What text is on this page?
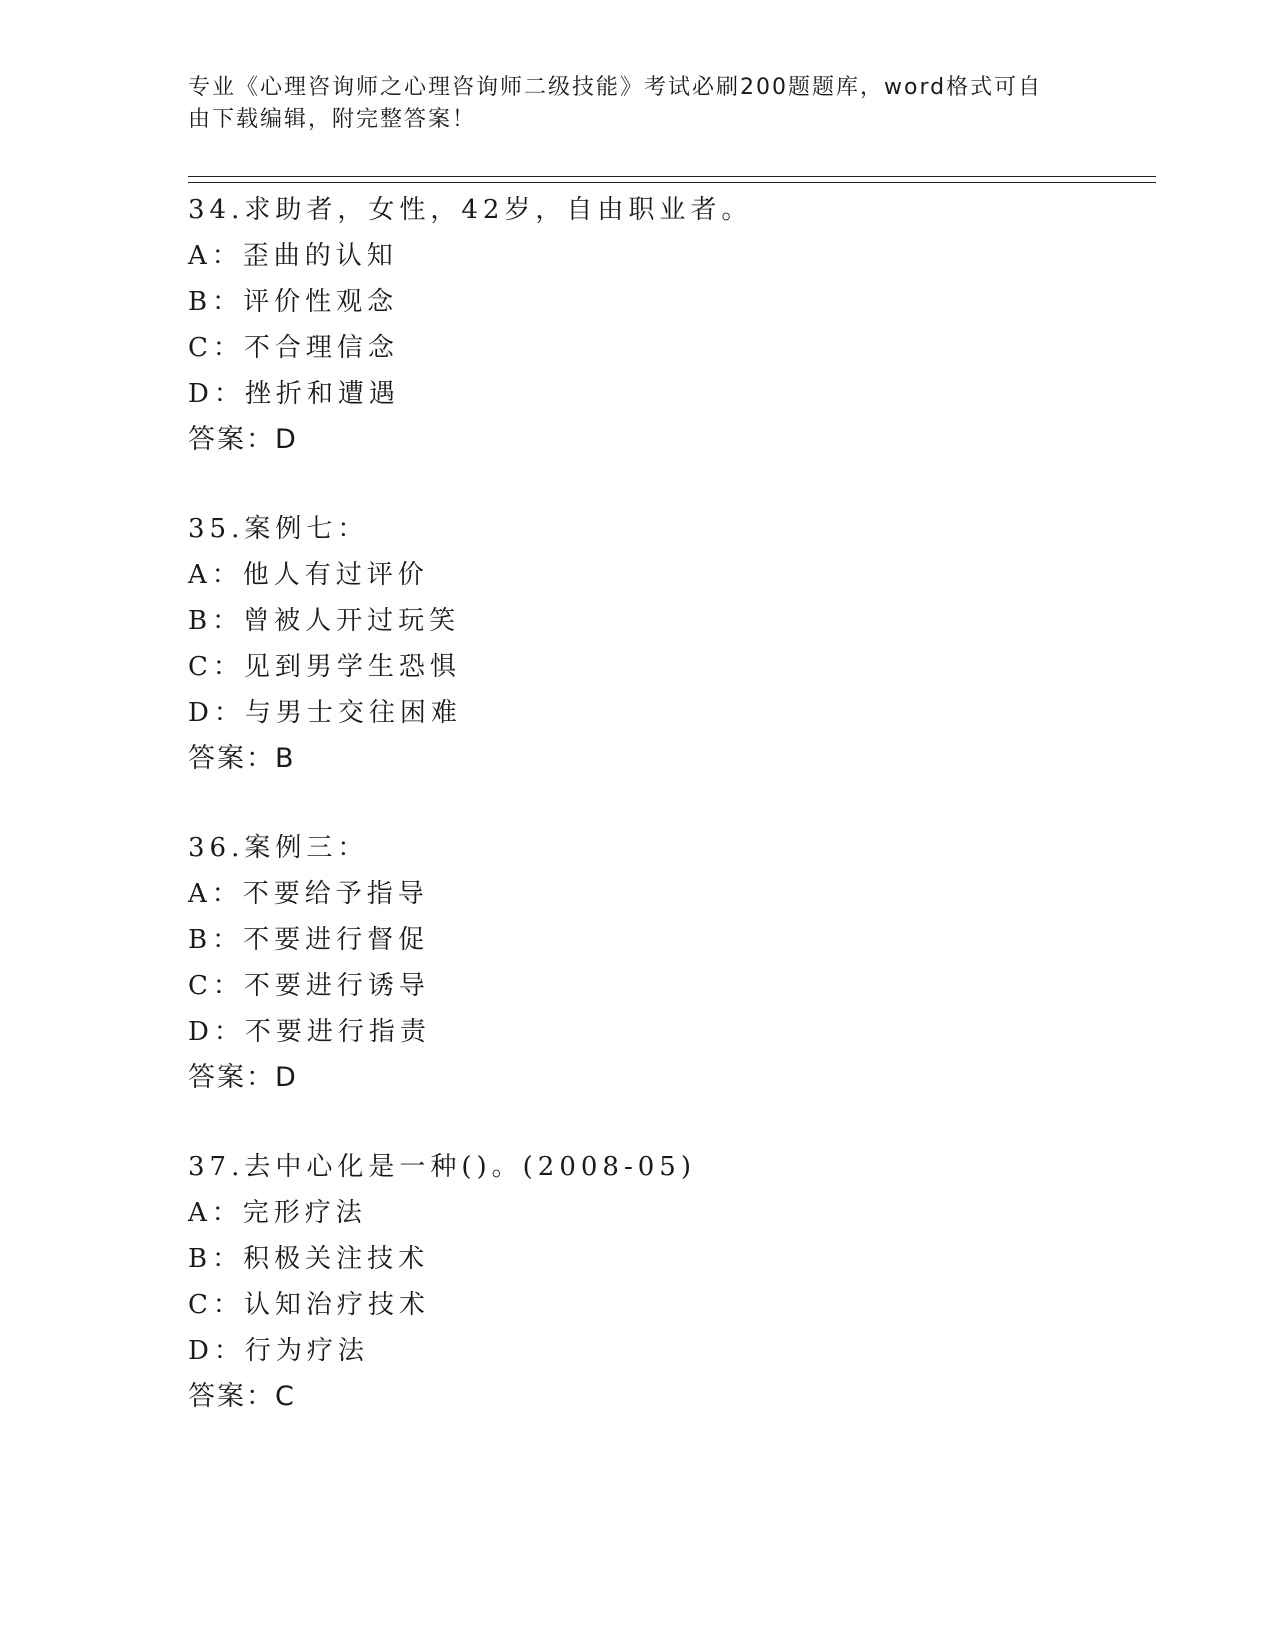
专业《心理咨询师之心理咨询师二级技能》考试必刷200题题库，word格式可自
由下载编辑，附完整答案！
34.求助者，女性，42岁，自由职业者。
A：歪曲的认知
B：评价性观念
C：不合理信念
D：挫折和遭遇
答案：D
35.案例七：
A：他人有过评价
B：曾被人开过玩笑
C：见到男学生恐惧
D：与男士交往困难
答案：B
36.案例三：
A：不要给予指导
B：不要进行督促
C：不要进行诱导
D：不要进行指责
答案：D
37.去中心化是一种()。(2008-05)
A：完形疗法
B：积极关注技术
C：认知治疗技术
D：行为疗法
答案：C
